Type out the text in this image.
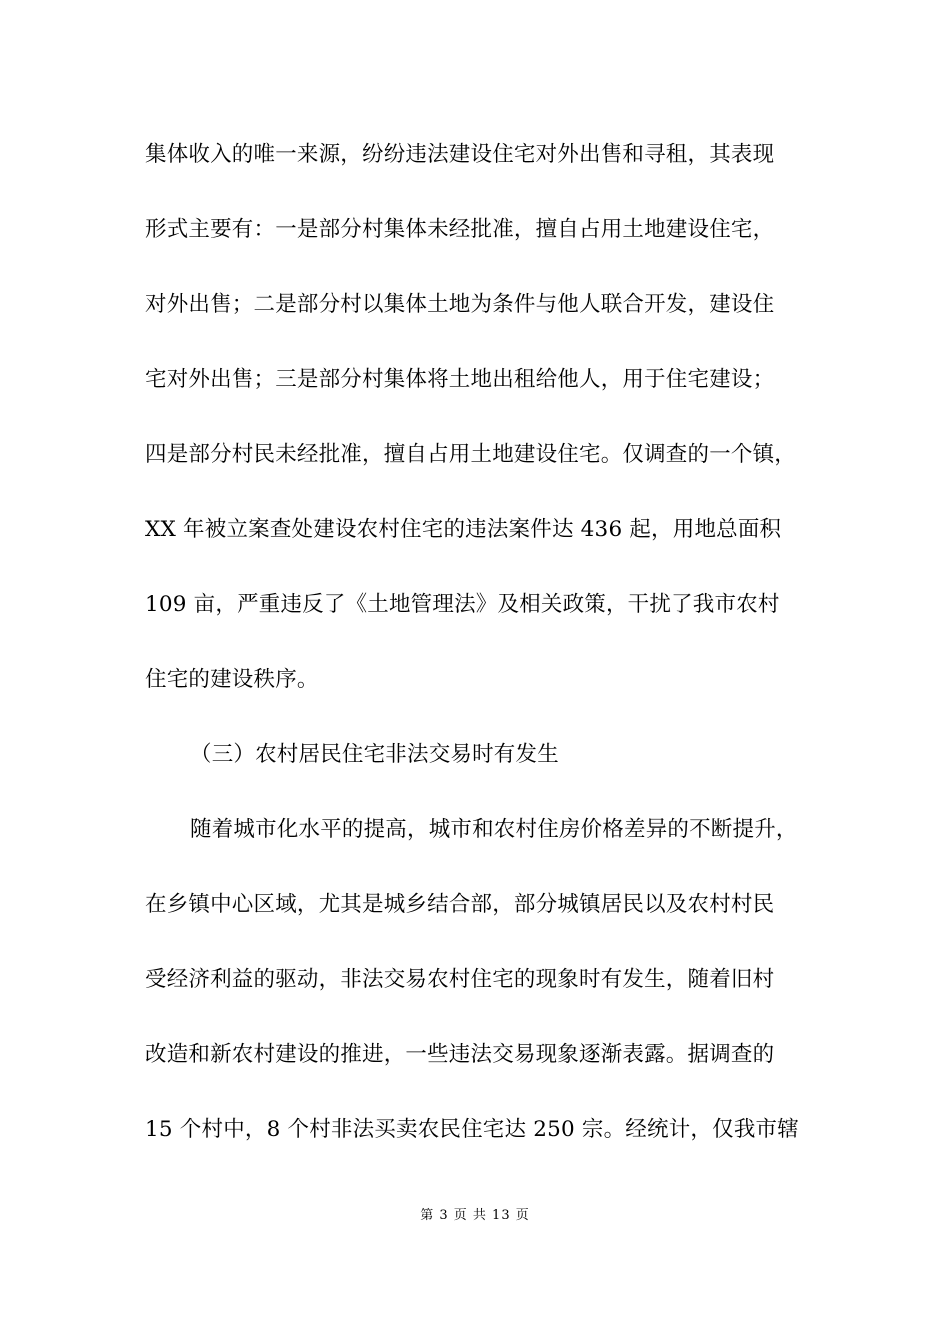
集体收入的唯一来源，纷纷违法建设住宅对外出售和寻租，其表现
形式主要有：一是部分村集体未经批准，擅自占用土地建设住宅，
对外出售；二是部分村以集体土地为条件与他人联合开发，建设住
宅对外出售；三是部分村集体将土地出租给他人，用于住宅建设；
四是部分村民未经批准，擅自占用土地建设住宅。仅调查的一个镇，
XX 年被立案查处建设农村住宅的违法案件达 436 起，用地总面积
109 亩，严重违反了《土地管理法》及相关政策，干扰了我市农村
住宅的建设秩序。
（三）农村居民住宅非法交易时有发生
随着城市化水平的提高，城市和农村住房价格差异的不断提升，
在乡镇中心区域，尤其是城乡结合部，部分城镇居民以及农村村民
受经济利益的驱动，非法交易农村住宅的现象时有发生，随着旧村
改造和新农村建设的推进，一些违法交易现象逐渐表露。据调查的
15 个村中，8 个村非法买卖农民住宅达 250 宗。经统计，仅我市辖
第 3 页 共 13 页
